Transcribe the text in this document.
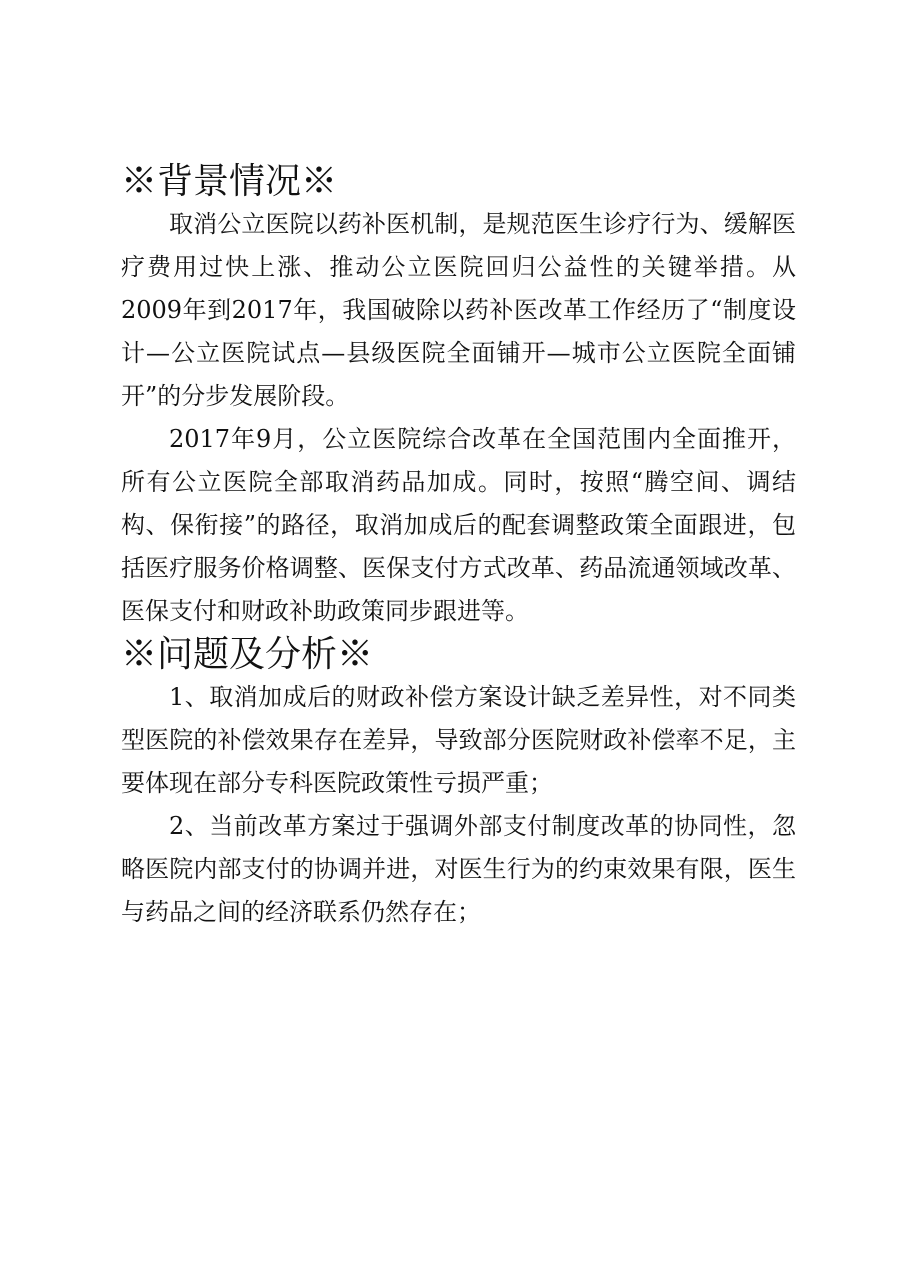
※背景情况※

取消公立医院以药补医机制，是规范医生诊疗行为、缓解医疗费用过快上涨、推动公立医院回归公益性的关键举措。从2009年到2017年，我国破除以药补医改革工作经历了“制度设计—公立医院试点—县级医院全面铺开—城市公立医院全面铺开”的分步发展阶段。

2017年9月，公立医院综合改革在全国范围内全面推开，所有公立医院全部取消药品加成。同时，按照“腾空间、调结构、保衔接”的路径，取消加成后的配套调整政策全面跟进，包括医疗服务价格调整、医保支付方式改革、药品流通领域改革、医保支付和财政补助政策同步跟进等。

※问题及分析※

1、取消加成后的财政补偿方案设计缺乏差异性，对不同类型医院的补偿效果存在差异，导致部分医院财政补偿率不足，主要体现在部分专科医院政策性亏损严重；

2、当前改革方案过于强调外部支付制度改革的协同性，忽略医院内部支付的协调并进，对医生行为的约束效果有限，医生与药品之间的经济联系仍然存在；
